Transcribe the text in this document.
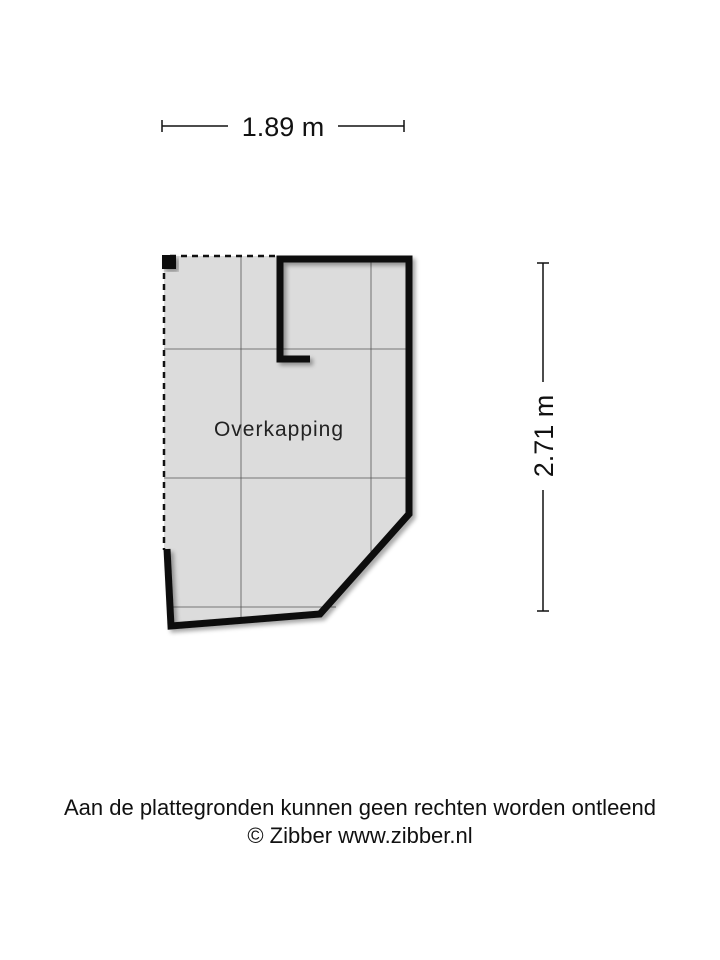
1.89 m
2.71 m
Overkapping
Aan de plattegronden kunnen geen rechten worden ontleend
© Zibber www.zibber.nl
